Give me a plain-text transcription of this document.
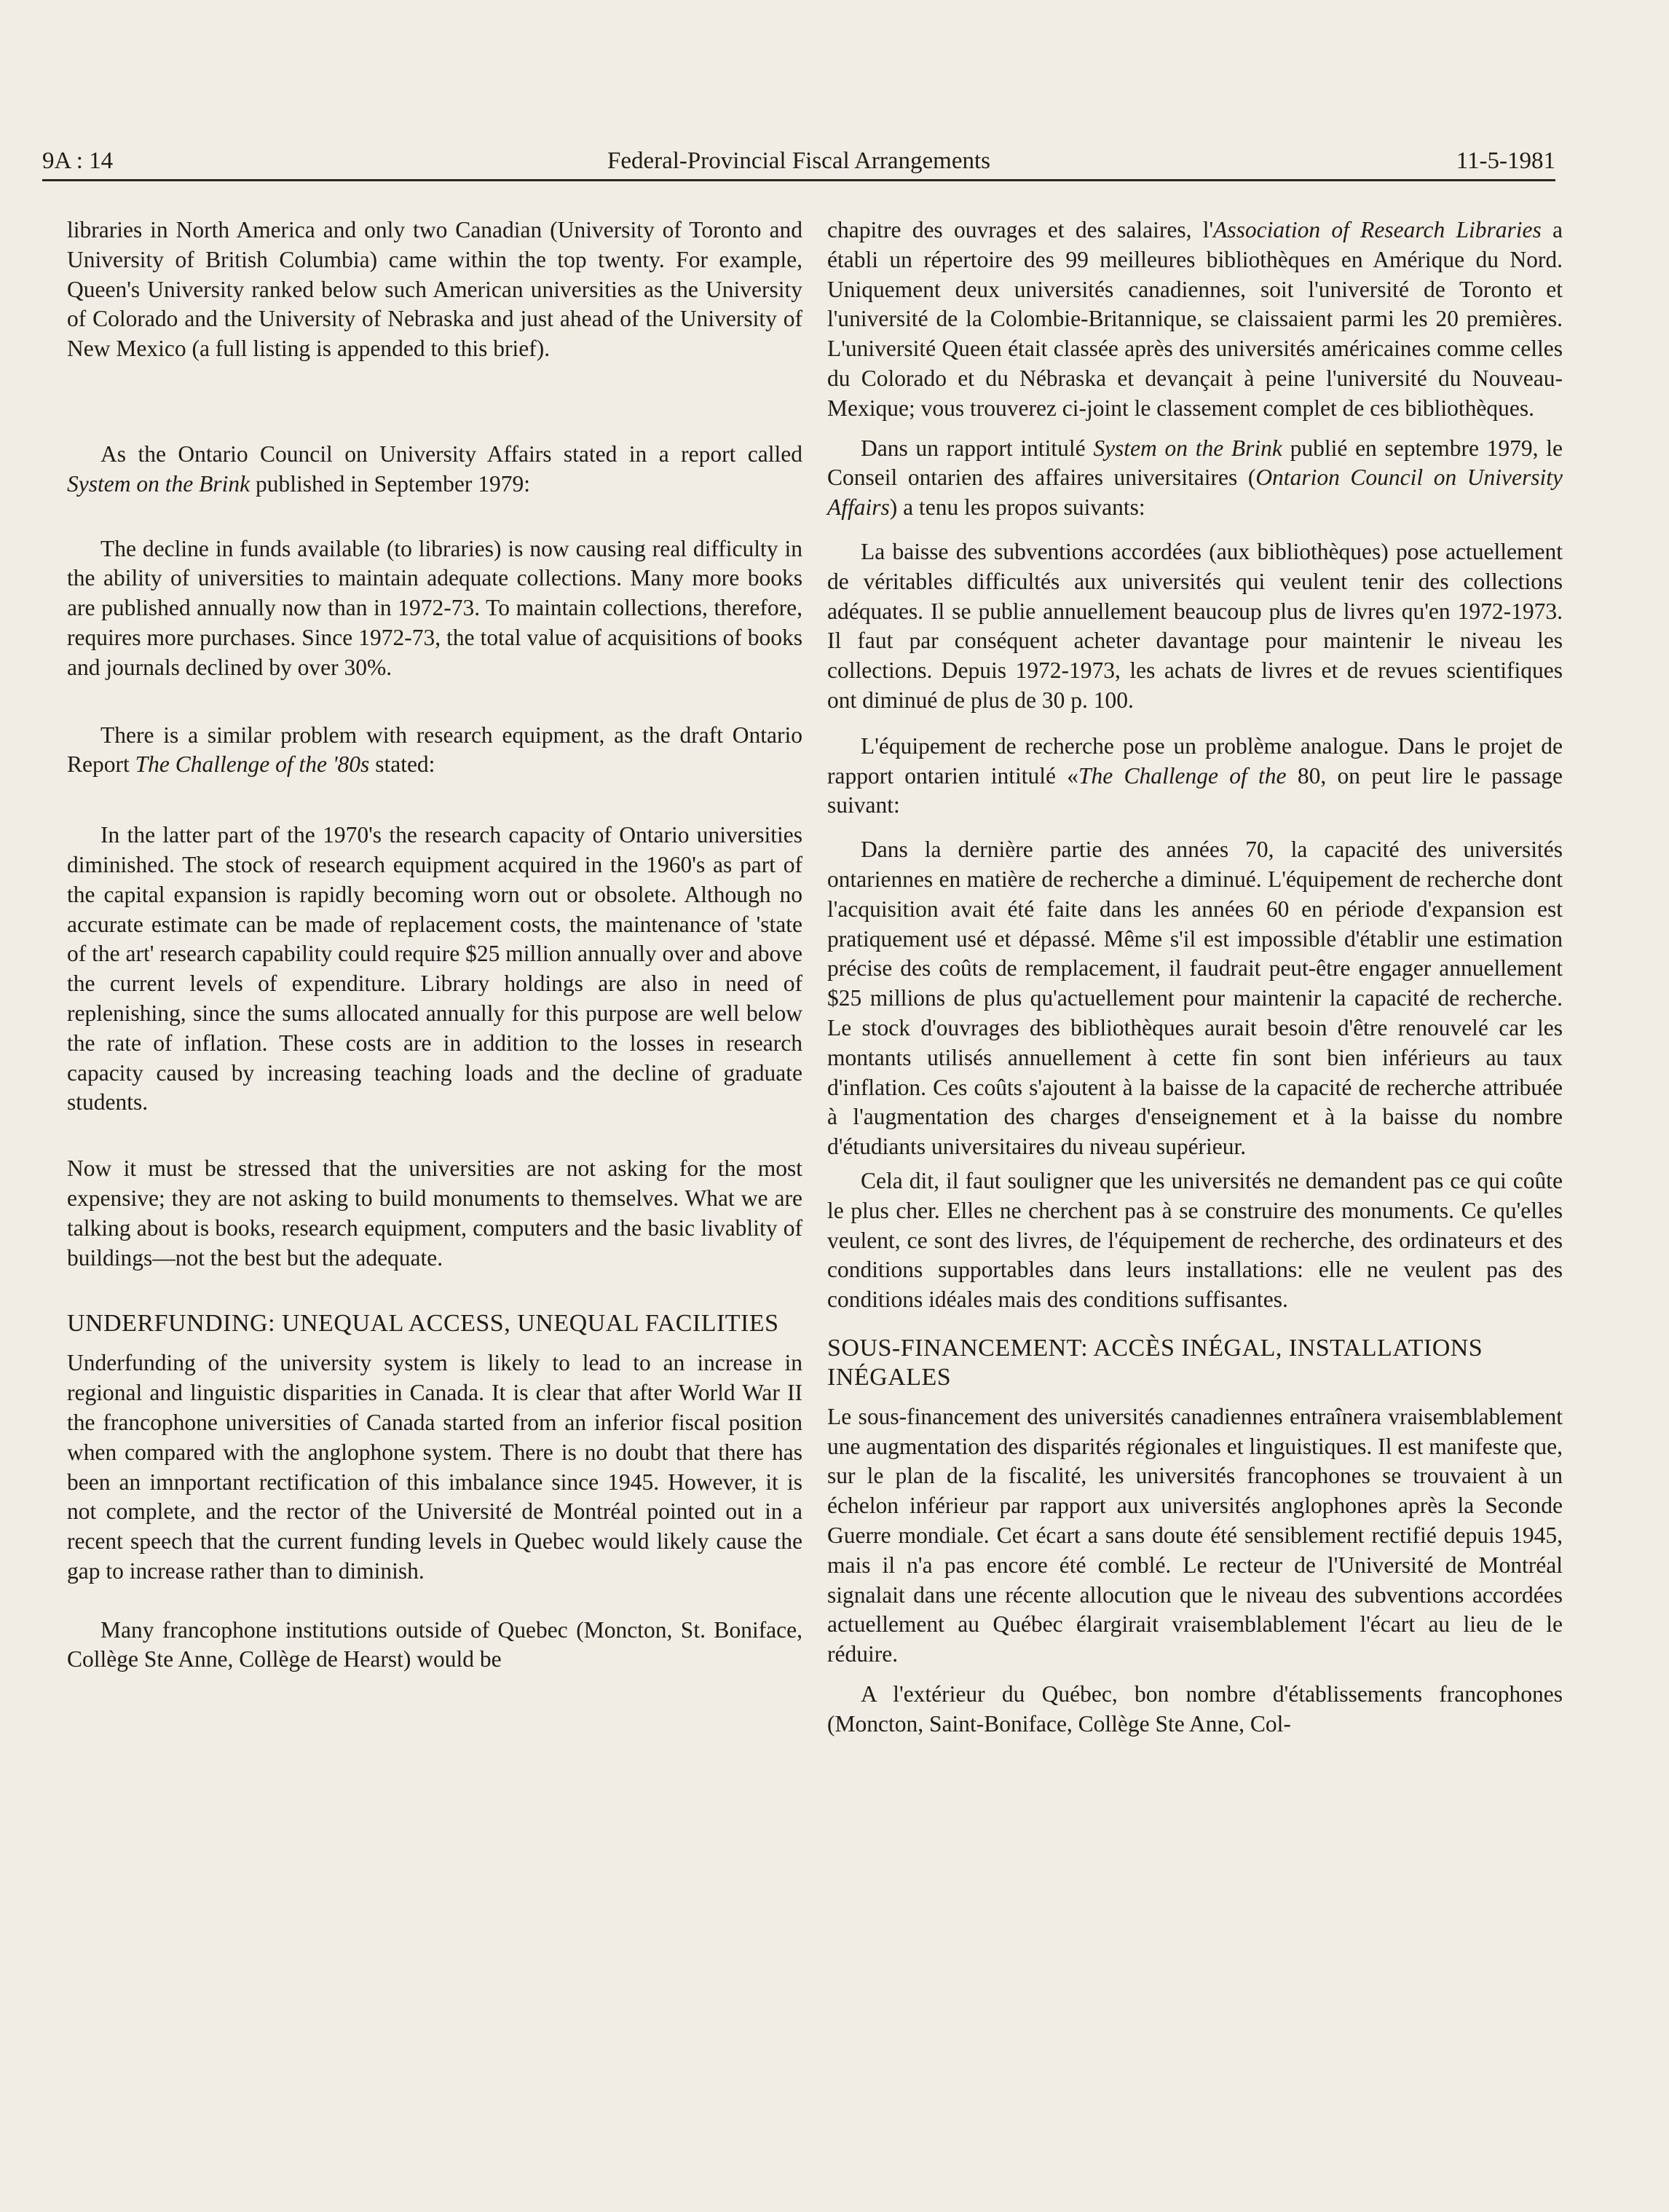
9A : 14	Federal-Provincial Fiscal Arrangements	11-5-1981

libraries in North America and only two Canadian (University of Toronto and University of British Columbia) came within the top twenty. For example, Queen's University ranked below such American universities as the University of Colorado and the University of Nebraska and just ahead of the University of New Mexico (a full listing is appended to this brief).

As the Ontario Council on University Affairs stated in a report called System on the Brink published in September 1979:

The decline in funds available (to libraries) is now causing real difficulty in the ability of universities to maintain adequate collections. Many more books are published annually now than in 1972-73. To maintain collections, therefore, requires more purchases. Since 1972-73, the total value of acquisitions of books and journals declined by over 30%.

There is a similar problem with research equipment, as the draft Ontario Report The Challenge of the '80s stated:

In the latter part of the 1970's the research capacity of Ontario universities diminished. The stock of research equipment acquired in the 1960's as part of the capital expansion is rapidly becoming worn out or obsolete. Although no accurate estimate can be made of replacement costs, the maintenance of 'state of the art' research capability could require $25 million annually over and above the current levels of expenditure. Library holdings are also in need of replenishing, since the sums allocated annually for this purpose are well below the rate of inflation. These costs are in addition to the losses in research capacity caused by increasing teaching loads and the decline of graduate students.

Now it must be stressed that the universities are not asking for the most expensive; they are not asking to build monuments to themselves. What we are talking about is books, research equipment, computers and the basic livablity of buildings—not the best but the adequate.

UNDERFUNDING: UNEQUAL ACCESS, UNEQUAL FACILITIES

Underfunding of the university system is likely to lead to an increase in regional and linguistic disparities in Canada. It is clear that after World War II the francophone universities of Canada started from an inferior fiscal position when compared with the anglophone system. There is no doubt that there has been an imnportant rectification of this imbalance since 1945. However, it is not complete, and the rector of the Université de Montréal pointed out in a recent speech that the current funding levels in Quebec would likely cause the gap to increase rather than to diminish.

Many francophone institutions outside of Quebec (Moncton, St. Boniface, Collège Ste Anne, Collège de Hearst) would be

chapitre des ouvrages et des salaires, l'Association of Research Libraries a établi un répertoire des 99 meilleures bibliothèques en Amérique du Nord. Uniquement deux universités canadiennes, soit l'université de Toronto et l'université de la Colombie-Britannique, se claissaient parmi les 20 premières. L'université Queen était classée après des universités américaines comme celles du Colorado et du Nébraska et devançait à peine l'université du Nouveau-Mexique; vous trouverez ci-joint le classement complet de ces bibliothèques.

Dans un rapport intitulé System on the Brink publié en septembre 1979, le Conseil ontarien des affaires universitaires (Ontarion Council on University Affairs) a tenu les propos suivants:

La baisse des subventions accordées (aux bibliothèques) pose actuellement de véritables difficultés aux universités qui veulent tenir des collections adéquates. Il se publie annuellement beaucoup plus de livres qu'en 1972-1973. Il faut par conséquent acheter davantage pour maintenir le niveau les collections. Depuis 1972-1973, les achats de livres et de revues scientifiques ont diminué de plus de 30 p. 100.

L'équipement de recherche pose un problème analogue. Dans le projet de rapport ontarien intitulé «The Challenge of the 80, on peut lire le passage suivant:

Dans la dernière partie des années 70, la capacité des universités ontariennes en matière de recherche a diminué. L'équipement de recherche dont l'acquisition avait été faite dans les années 60 en période d'expansion est pratiquement usé et dépassé. Même s'il est impossible d'établir une estimation précise des coûts de remplacement, il faudrait peut-être engager annuellement $25 millions de plus qu'actuellement pour maintenir la capacité de recherche. Le stock d'ouvrages des bibliothèques aurait besoin d'être renouvelé car les montants utilisés annuellement à cette fin sont bien inférieurs au taux d'inflation. Ces coûts s'ajoutent à la baisse de la capacité de recherche attribuée à l'augmentation des charges d'enseignement et à la baisse du nombre d'étudiants universitaires du niveau supérieur.

Cela dit, il faut souligner que les universités ne demandent pas ce qui coûte le plus cher. Elles ne cherchent pas à se construire des monuments. Ce qu'elles veulent, ce sont des livres, de l'équipement de recherche, des ordinateurs et des conditions supportables dans leurs installations: elle ne veulent pas des conditions idéales mais des conditions suffisantes.

SOUS-FINANCEMENT: ACCÈS INÉGAL, INSTALLATIONS INÉGALES

Le sous-financement des universités canadiennes entraînera vraisemblablement une augmentation des disparités régionales et linguistiques. Il est manifeste que, sur le plan de la fiscalité, les universités francophones se trouvaient à un échelon inférieur par rapport aux universités anglophones après la Seconde Guerre mondiale. Cet écart a sans doute été sensiblement rectifié depuis 1945, mais il n'a pas encore été comblé. Le recteur de l'Université de Montréal signalait dans une récente allocution que le niveau des subventions accordées actuellement au Québec élargirait vraisemblablement l'écart au lieu de le réduire.

A l'extérieur du Québec, bon nombre d'établissements francophones (Moncton, Saint-Boniface, Collège Ste Anne, Col-
